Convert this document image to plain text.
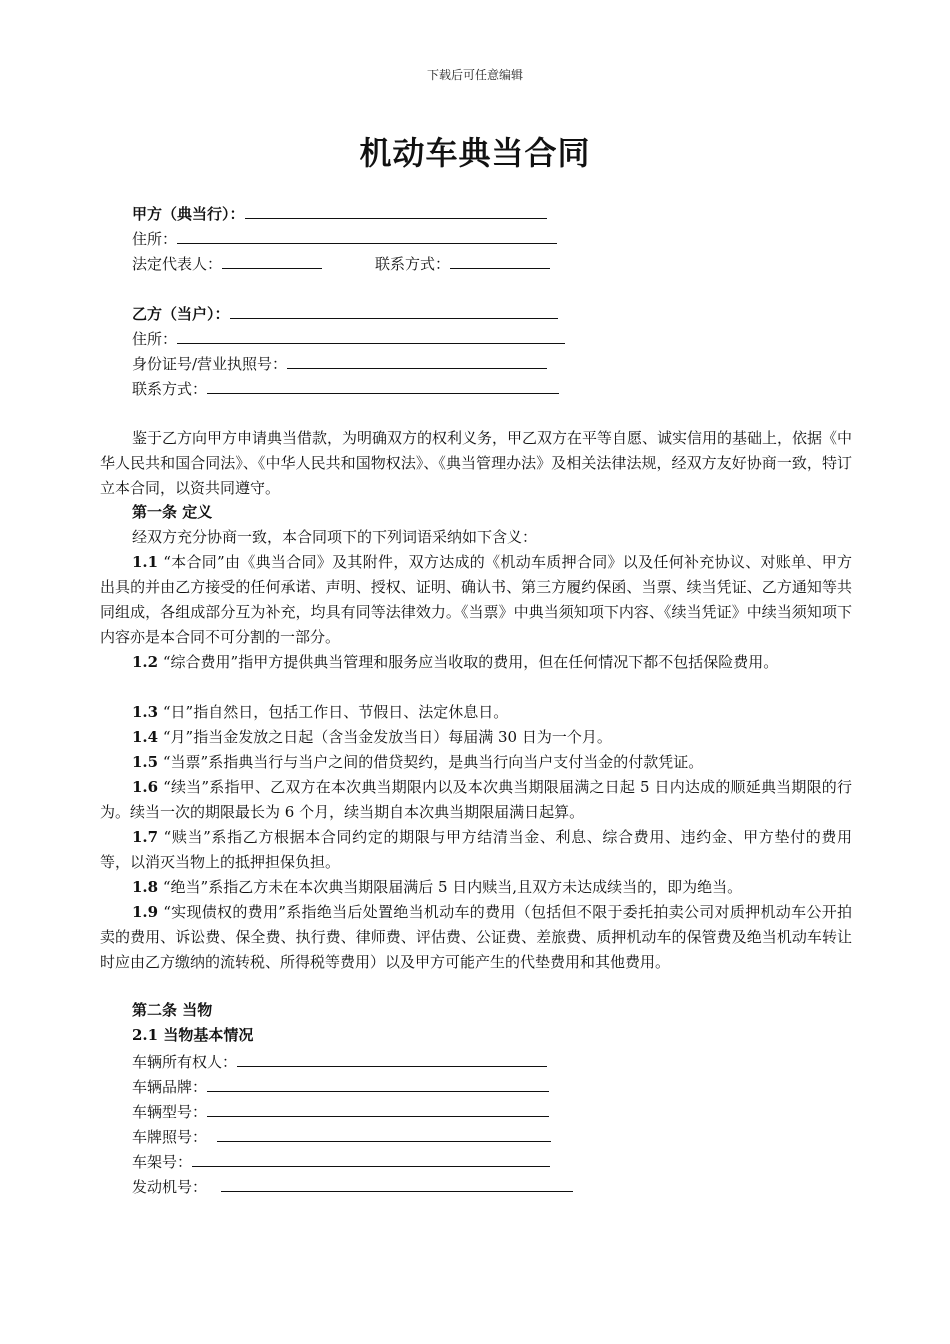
下载后可任意编辑
机动车典当合同
甲方（典当行）：
住所：
法定代表人：	联系方式：
乙方（当户）：
住所：
身份证号/营业执照号：
联系方式：
鉴于乙方向甲方申请典当借款，为明确双方的权利义务，甲乙双方在平等自愿、诚实信用的基础上，依据《中华人民共和国合同法》、《中华人民共和国物权法》、《典当管理办法》及相关法律法规，经双方友好协商一致，特订立本合同，以资共同遵守。
第一条 定义
经双方充分协商一致，本合同项下的下列词语采纳如下含义：
1.1 “本合同”由《典当合同》及其附件，双方达成的《机动车质押合同》以及任何补充协议、对账单、甲方出具的并由乙方接受的任何承诺、声明、授权、证明、确认书、第三方履约保函、当票、续当凭证、乙方通知等共同组成，各组成部分互为补充，均具有同等法律效力。《当票》中典当须知项下内容、《续当凭证》中续当须知项下内容亦是本合同不可分割的一部分。
1.2 “综合费用”指甲方提供典当管理和服务应当收取的费用，但在任何情况下都不包括保险费用。
1.3 “日”指自然日，包括工作日、节假日、法定休息日。
1.4 “月”指当金发放之日起（含当金发放当日）每届满 30 日为一个月。
1.5 “当票”系指典当行与当户之间的借贷契约，是典当行向当户支付当金的付款凭证。
1.6 “续当”系指甲、乙双方在本次典当期限内以及本次典当期限届满之日起 5 日内达成的顺延典当期限的行为。续当一次的期限最长为 6 个月，续当期自本次典当期限届满日起算。
1.7 “赎当”系指乙方根据本合同约定的期限与甲方结清当金、利息、综合费用、违约金、甲方垫付的费用等，以消灭当物上的抵押担保负担。
1.8 “绝当”系指乙方未在本次典当期限届满后 5 日内赎当,且双方未达成续当的，即为绝当。
1.9 “实现债权的费用”系指绝当后处置绝当机动车的费用（包括但不限于委托拍卖公司对质押机动车公开拍卖的费用、诉讼费、保全费、执行费、律师费、评估费、公证费、差旅费、质押机动车的保管费及绝当机动车转让时应由乙方缴纳的流转税、所得税等费用）以及甲方可能产生的代垫费用和其他费用。
第二条 当物
2.1 当物基本情况
车辆所有权人：
车辆品牌：
车辆型号：
车牌照号：
车架号：
发动机号：
